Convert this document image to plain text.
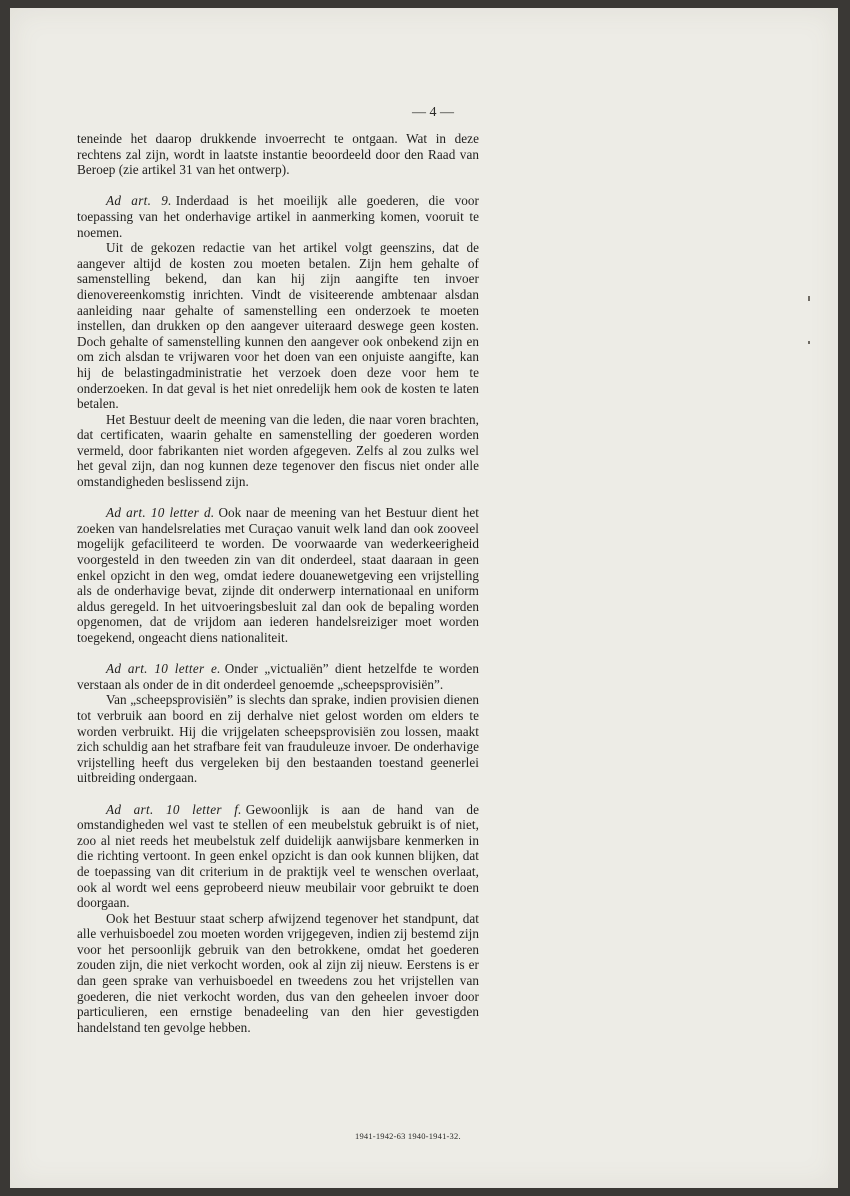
— 4 —

teneinde het daarop drukkende invoerrecht te ontgaan. Wat in deze rechtens zal zijn, wordt in laatste instantie beoordeeld door den Raad van Beroep (zie artikel 31 van het ontwerp).

Ad art. 9. Inderdaad is het moeilijk alle goederen, die voor toepassing van het onderhavige artikel in aanmerking komen, vooruit te noemen.

Uit de gekozen redactie van het artikel volgt geenszins, dat de aangever altijd de kosten zou moeten betalen. Zijn hem gehalte of samenstelling bekend, dan kan hij zijn aangifte ten invoer dienovereenkomstig inrichten. Vindt de visiteerende ambtenaar alsdan aanleiding naar gehalte of samenstelling een onderzoek te moeten instellen, dan drukken op den aangever uiteraard deswege geen kosten. Doch gehalte of samenstelling kunnen den aangever ook onbekend zijn en om zich alsdan te vrijwaren voor het doen van een onjuiste aangifte, kan hij de belastingadministratie het verzoek doen deze voor hem te onderzoeken. In dat geval is het niet onredelijk hem ook de kosten te laten betalen.

Het Bestuur deelt de meening van die leden, die naar voren brachten, dat certificaten, waarin gehalte en samenstelling der goederen worden vermeld, door fabrikanten niet worden afgegeven. Zelfs al zou zulks wel het geval zijn, dan nog kunnen deze tegenover den fiscus niet onder alle omstandigheden beslissend zijn.

Ad art. 10 letter d. Ook naar de meening van het Bestuur dient het zoeken van handelsrelaties met Curaçao vanuit welk land dan ook zooveel mogelijk gefaciliteerd te worden. De voorwaarde van wederkeerigheid voorgesteld in den tweeden zin van dit onderdeel, staat daaraan in geen enkel opzicht in den weg, omdat iedere douanewetgeving een vrijstelling als de onderhavige bevat, zijnde dit onderwerp internationaal en uniform aldus geregeld. In het uitvoeringsbesluit zal dan ook de bepaling worden opgenomen, dat de vrijdom aan iederen handelsreiziger moet worden toegekend, ongeacht diens nationaliteit.

Ad art. 10 letter e. Onder „victualiën” dient hetzelfde te worden verstaan als onder de in dit onderdeel genoemde „scheepsprovisiën”.

Van „scheepsprovisiën” is slechts dan sprake, indien provisien dienen tot verbruik aan boord en zij derhalve niet gelost worden om elders te worden verbruikt. Hij die vrijgelaten scheepsprovisiën zou lossen, maakt zich schuldig aan het strafbare feit van frauduleuze invoer. De onderhavige vrijstelling heeft dus vergeleken bij den bestaanden toestand geenerlei uitbreiding ondergaan.

Ad art. 10 letter f. Gewoonlijk is aan de hand van de omstandigheden wel vast te stellen of een meubelstuk gebruikt is of niet, zoo al niet reeds het meubelstuk zelf duidelijk aanwijsbare kenmerken in die richting vertoont. In geen enkel opzicht is dan ook kunnen blijken, dat de toepassing van dit criterium in de praktijk veel te wenschen overlaat, ook al wordt wel eens geprobeerd nieuw meubilair voor gebruikt te doen doorgaan.

Ook het Bestuur staat scherp afwijzend tegenover het standpunt, dat alle verhuisboedel zou moeten worden vrijgegeven, indien zij bestemd zijn voor het persoonlijk gebruik van den betrokkene, omdat het goederen zouden zijn, die niet verkocht worden, ook al zijn zij nieuw. Eerstens is er dan geen sprake van verhuisboedel en tweedens zou het vrijstellen van goederen, die niet verkocht worden, dus van den geheelen invoer door particulieren, een ernstige benadeeling van den hier gevestigden handelstand ten gevolge hebben.

1941-1942-63 1940-1941-32.
